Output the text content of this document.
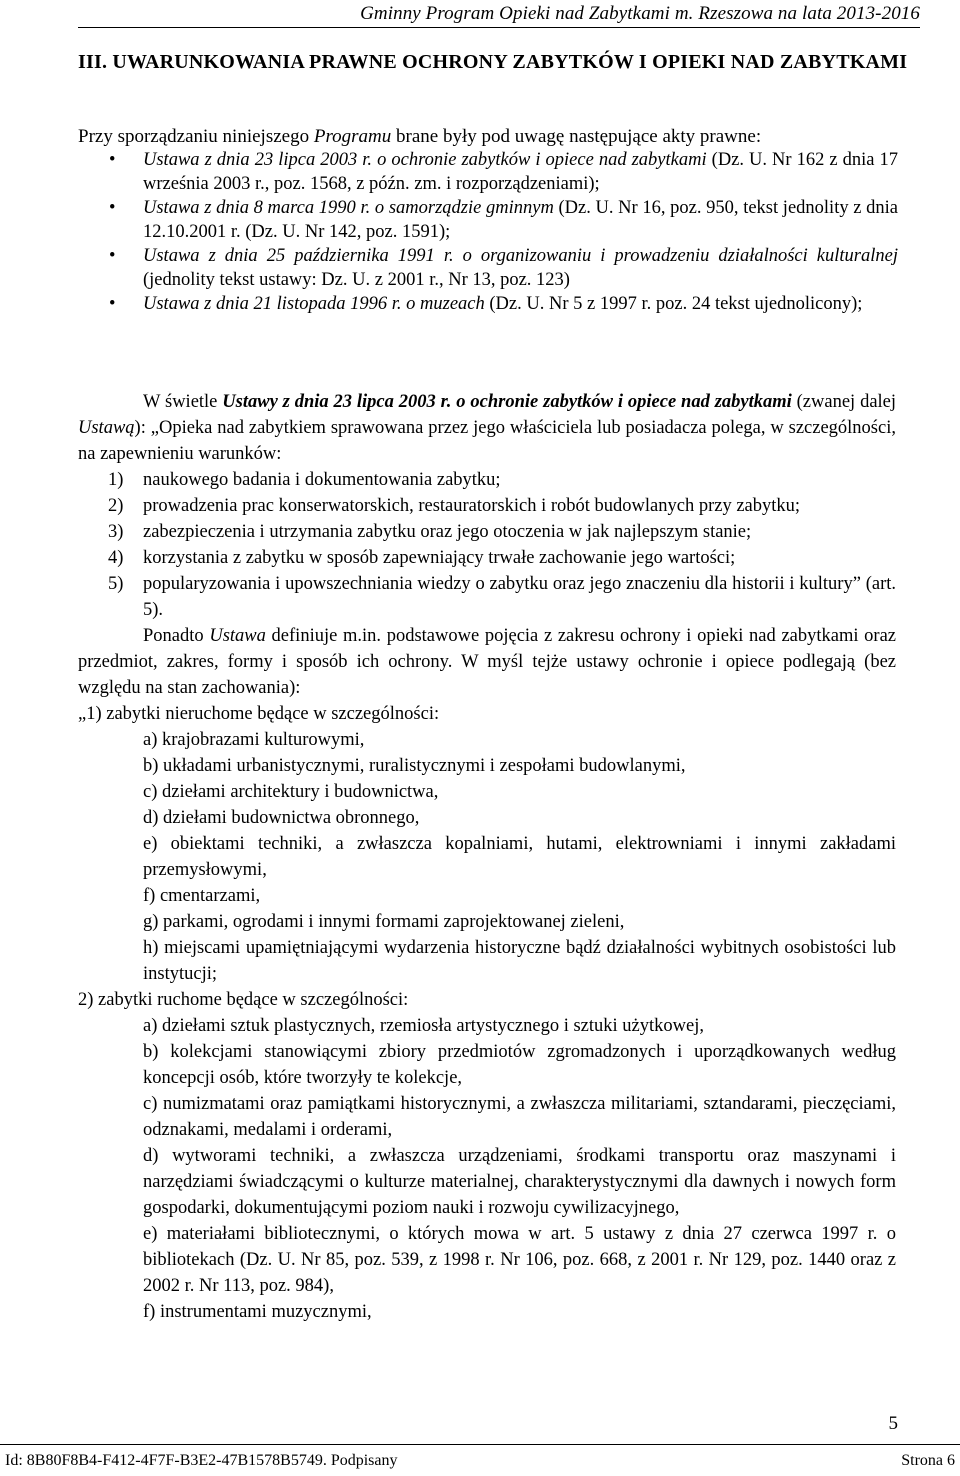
Gminny Program Opieki nad Zabytkami m. Rzeszowa na lata 2013-2016
III. UWARUNKOWANIA PRAWNE OCHRONY ZABYTKÓW I OPIEKI NAD ZABYTKAMI
Przy sporządzaniu niniejszego Programu brane były pod uwagę następujące akty prawne:
• Ustawa z dnia 23 lipca 2003 r. o ochronie zabytków i opiece nad zabytkami (Dz. U. Nr 162 z dnia 17 września 2003 r., poz. 1568, z późn. zm. i rozporządzeniami);
• Ustawa z dnia 8 marca 1990 r. o samorządzie gminnym (Dz. U. Nr 16, poz. 950, tekst jednolity z dnia 12.10.2001 r. (Dz. U. Nr 142, poz. 1591);
• Ustawa z dnia 25 października 1991 r. o organizowaniu i prowadzeniu działalności kulturalnej (jednolity tekst ustawy: Dz. U. z 2001 r., Nr 13, poz. 123)
• Ustawa z dnia 21 listopada 1996 r. o muzeach (Dz. U. Nr 5 z 1997 r. poz. 24 tekst ujednolicony);

W świetle Ustawy z dnia 23 lipca 2003 r. o ochronie zabytków i opiece nad zabytkami (zwanej dalej Ustawą): „Opieka nad zabytkiem sprawowana przez jego właściciela lub posiadacza polega, w szczególności, na zapewnieniu warunków:

1) naukowego badania i dokumentowania zabytku;
2) prowadzenia prac konserwatorskich, restauratorskich i robót budowlanych przy zabytku;
3) zabezpieczenia i utrzymania zabytku oraz jego otoczenia w jak najlepszym stanie;
4) korzystania z zabytku w sposób zapewniający trwałe zachowanie jego wartości;
5) popularyzowania i upowszechniania wiedzy o zabytku oraz jego znaczeniu dla historii i kultury” (art. 5).

Ponadto Ustawa definiuje m.in. podstawowe pojęcia z zakresu ochrony i opieki nad zabytkami oraz przedmiot, zakres, formy i sposób ich ochrony. W myśl tejże ustawy ochronie i opiece podlegają (bez względu na stan zachowania):

„1) zabytki nieruchome będące w szczególności:

a) krajobrazami kulturowymi,
b) układami urbanistycznymi, ruralistycznymi i zespołami budowlanymi,
c) dziełami architektury i budownictwa,
d) dziełami budownictwa obronnego,
e) obiektami techniki, a zwłaszcza kopalniami, hutami, elektrowniami i innymi zakładami przemysłowymi,
f) cmentarzami,
g) parkami, ogrodami i innymi formami zaprojektowanej zieleni,
h) miejscami upamiętniającymi wydarzenia historyczne bądź działalności wybitnych osobistości lub instytucji;

2) zabytki ruchome będące w szczególności:

a) dziełami sztuk plastycznych, rzemiosła artystycznego i sztuki użytkowej,
b) kolekcjami stanowiącymi zbiory przedmiotów zgromadzonych i uporządkowanych według koncepcji osób, które tworzyły te kolekcje,
c) numizmatami oraz pamiątkami historycznymi, a zwłaszcza militariami, sztandarami, pieczęciami, odznakami, medalami i orderami,
d) wytworami techniki, a zwłaszcza urządzeniami, środkami transportu oraz maszynami i narzędziami świadczącymi o kulturze materialnej, charakterystycznymi dla dawnych i nowych form gospodarki, dokumentującymi poziom nauki i rozwoju cywilizacyjnego,
e) materiałami bibliotecznymi, o których mowa w art. 5 ustawy z dnia 27 czerwca 1997 r. o bibliotekach (Dz. U. Nr 85, poz. 539, z 1998 r. Nr 106, poz. 668, z 2001 r. Nr 129, poz. 1440 oraz z 2002 r. Nr 113, poz. 984),
f) instrumentami muzycznymi,
5
Id: 8B80F8B4-F412-4F7F-B3E2-47B1578B5749. Podpisany	Strona 6
